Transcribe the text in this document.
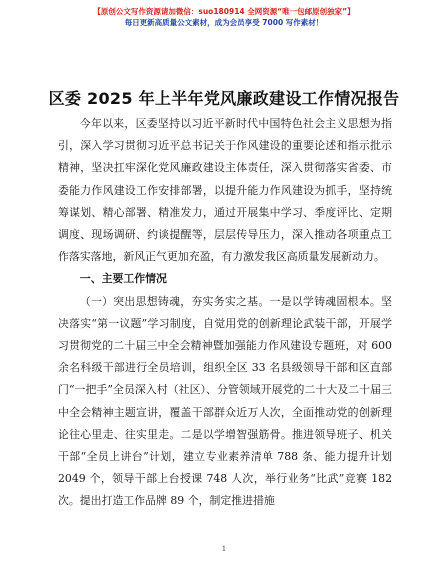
【原创公文写作资源请加微信：suo180914 全网资源“唯一包邮原创独家”】
每日更新高质量公文素材，成为会员享受 7000 写作素材！
区委 2025 年上半年党风廉政建设工作情况报告

今年以来，区委坚持以习近平新时代中国特色社会主义思想为指引，深入学习贯彻习近平总书记关于作风建设的重要论述和指示批示精神，坚决扛牢深化党风廉政建设主体责任，深入贯彻落实省委、市委能力作风建设工作安排部署，以提升能力作风建设为抓手，坚持统筹谋划、精心部署、精准发力，通过开展集中学习、季度评比、定期调度、现场调研、约谈提醒等，层层传导压力，深入推动各项重点工作落实落地，新风正气更加充盈，有力激发我区高质量发展新动力。

一、主要工作情况

（一）突出思想铸魂，夯实务实之基。一是以学铸魂固根本。坚决落实“第一议题”学习制度，自觉用党的创新理论武装干部，开展学习贯彻党的二十届三中全会精神暨加强能力作风建设专题班，对 600 余名科级干部进行全员培训，组织全区 33 名县级领导干部和区直部门“一把手”全员深入村（社区）、分管领域开展党的二十大及二十届三中全会精神主题宣讲，覆盖干部群众近万人次，全面推动党的创新理论往心里走、往实里走。二是以学增智强筋骨。推进领导班子、机关干部“全员上讲台”计划，建立专业素养清单 788 条、能力提升计划 2049 个，领导干部上台授课 748 人次，举行业务“比武”竞赛 182 次。提出打造工作品牌 89 个，制定推进措施

1
